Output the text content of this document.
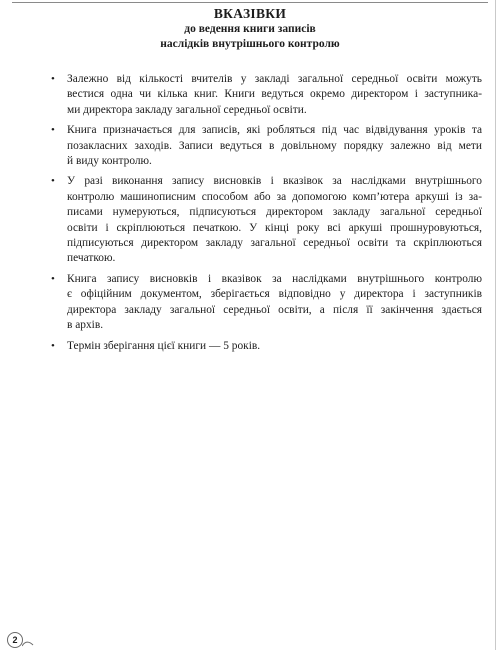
ВКАЗІВКИ
до ведення книги записів
наслідків внутрішнього контролю
• Залежно від кількості вчителів у закладі загальної середньої освіти можуть
вестися одна чи кілька книг. Книги ведуться окремо директором і заступника-
ми директора закладу загальної середньої освіти.
• Книга призначається для записів, які робляться під час відвідування уроків та
позакласних заходів. Записи ведуться в довільному порядку залежно від мети
й виду контролю.
• У разі виконання запису висновків і вказівок за наслідками внутрішнього
контролю машинописним способом або за допомогою комп’ютера аркуші із за-
писами нумеруються, підписуються директором закладу загальної середньої
освіти і скріплюються печаткою. У кінці року всі аркуші прошнуровуються,
підписуються директором закладу загальної середньої освіти та скріплюються
печаткою.
• Книга запису висновків і вказівок за наслідками внутрішнього контролю
є офіційним документом, зберігається відповідно у директора і заступників
директора закладу загальної середньої освіти, а після її закінчення здається
в архів.
• Термін зберігання цієї книги — 5 років.
2
